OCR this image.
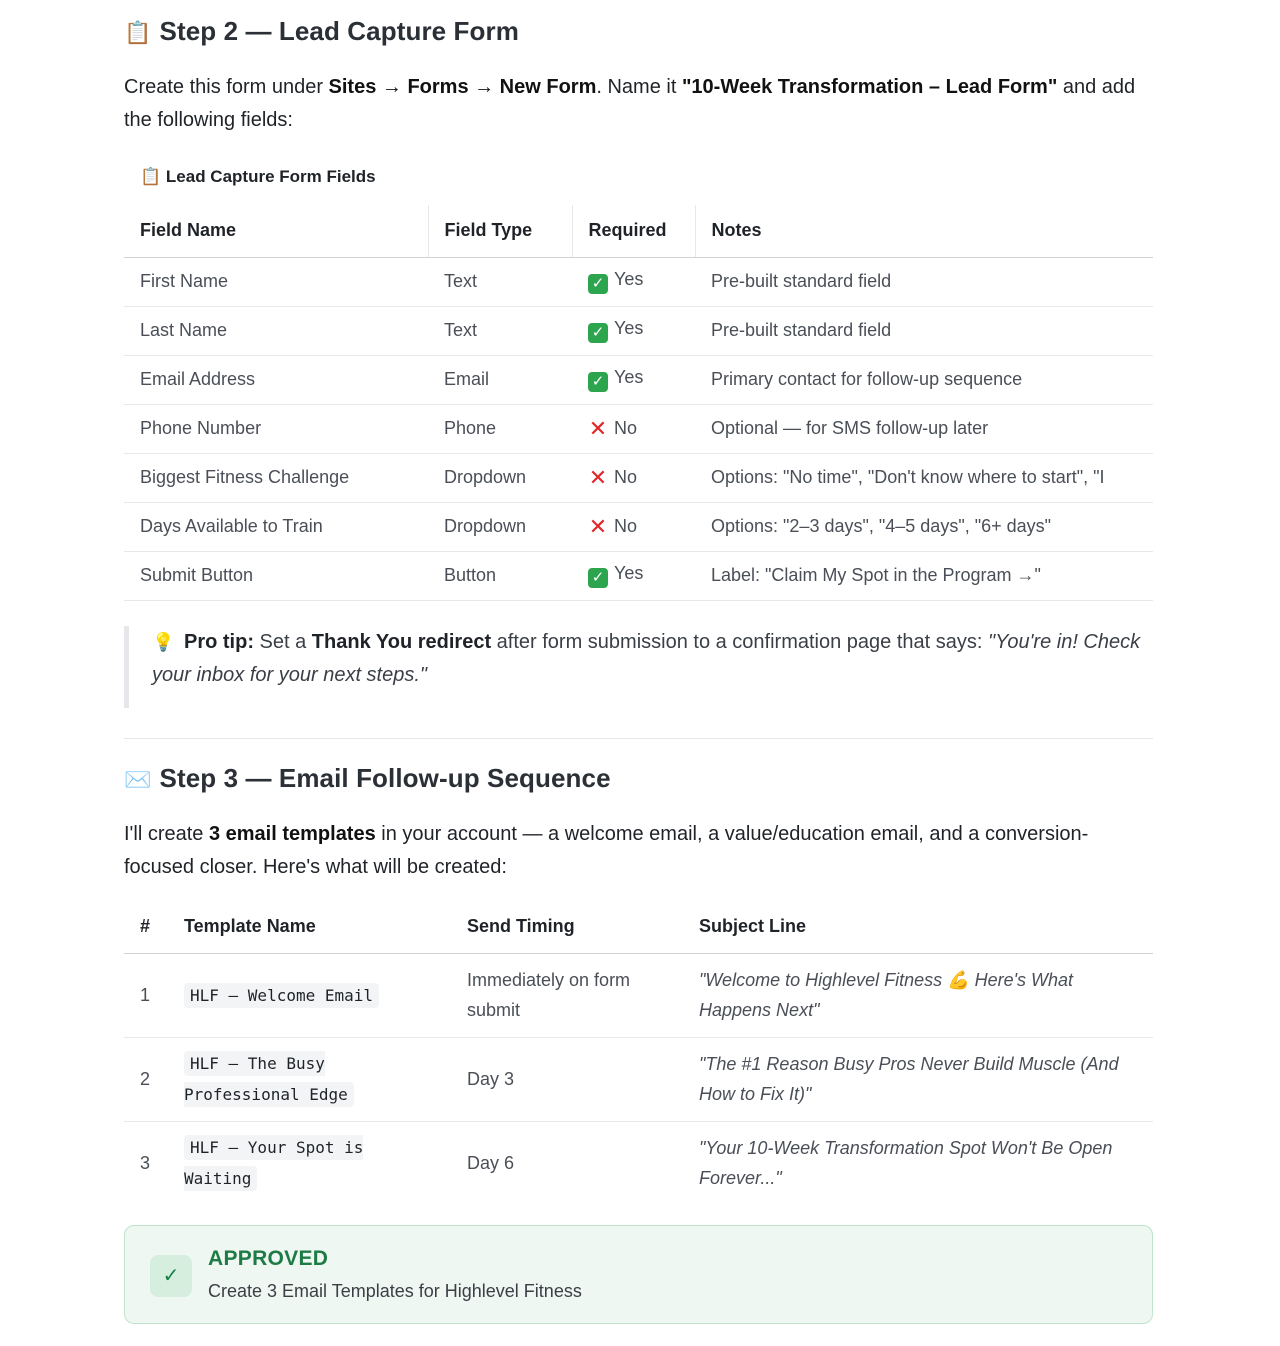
📋 Step 2 — Lead Capture Form
Create this form under Sites → Forms → New Form. Name it "10-Week Transformation – Lead Form" and add the following fields:
📋 Lead Capture Form Fields
Field Name	Field Type	Required	Notes
First Name	Text	✓ Yes	Pre-built standard field
Last Name	Text	✓ Yes	Pre-built standard field
Email Address	Email	✓ Yes	Primary contact for follow-up sequence
Phone Number	Phone	✕ No	Optional — for SMS follow-up later
Biggest Fitness Challenge	Dropdown	✕ No	Options: "No time", "Don't know where to start", "I
Days Available to Train	Dropdown	✕ No	Options: "2–3 days", "4–5 days", "6+ days"
Submit Button	Button	✓ Yes	Label: "Claim My Spot in the Program →"
💡 Pro tip: Set a Thank You redirect after form submission to a confirmation page that says: "You're in! Check your inbox for your next steps."
✉️ Step 3 — Email Follow-up Sequence
I'll create 3 email templates in your account — a welcome email, a value/education email, and a conversion-focused closer. Here's what will be created:
#	Template Name	Send Timing	Subject Line
1	HLF — Welcome Email	Immediately on form submit	"Welcome to Highlevel Fitness 💪 Here's What Happens Next"
2	HLF — The Busy Professional Edge	Day 3	"The #1 Reason Busy Pros Never Build Muscle (And How to Fix It)"
3	HLF — Your Spot is Waiting	Day 6	"Your 10-Week Transformation Spot Won't Be Open Forever..."
✓
APPROVED
Create 3 Email Templates for Highlevel Fitness
